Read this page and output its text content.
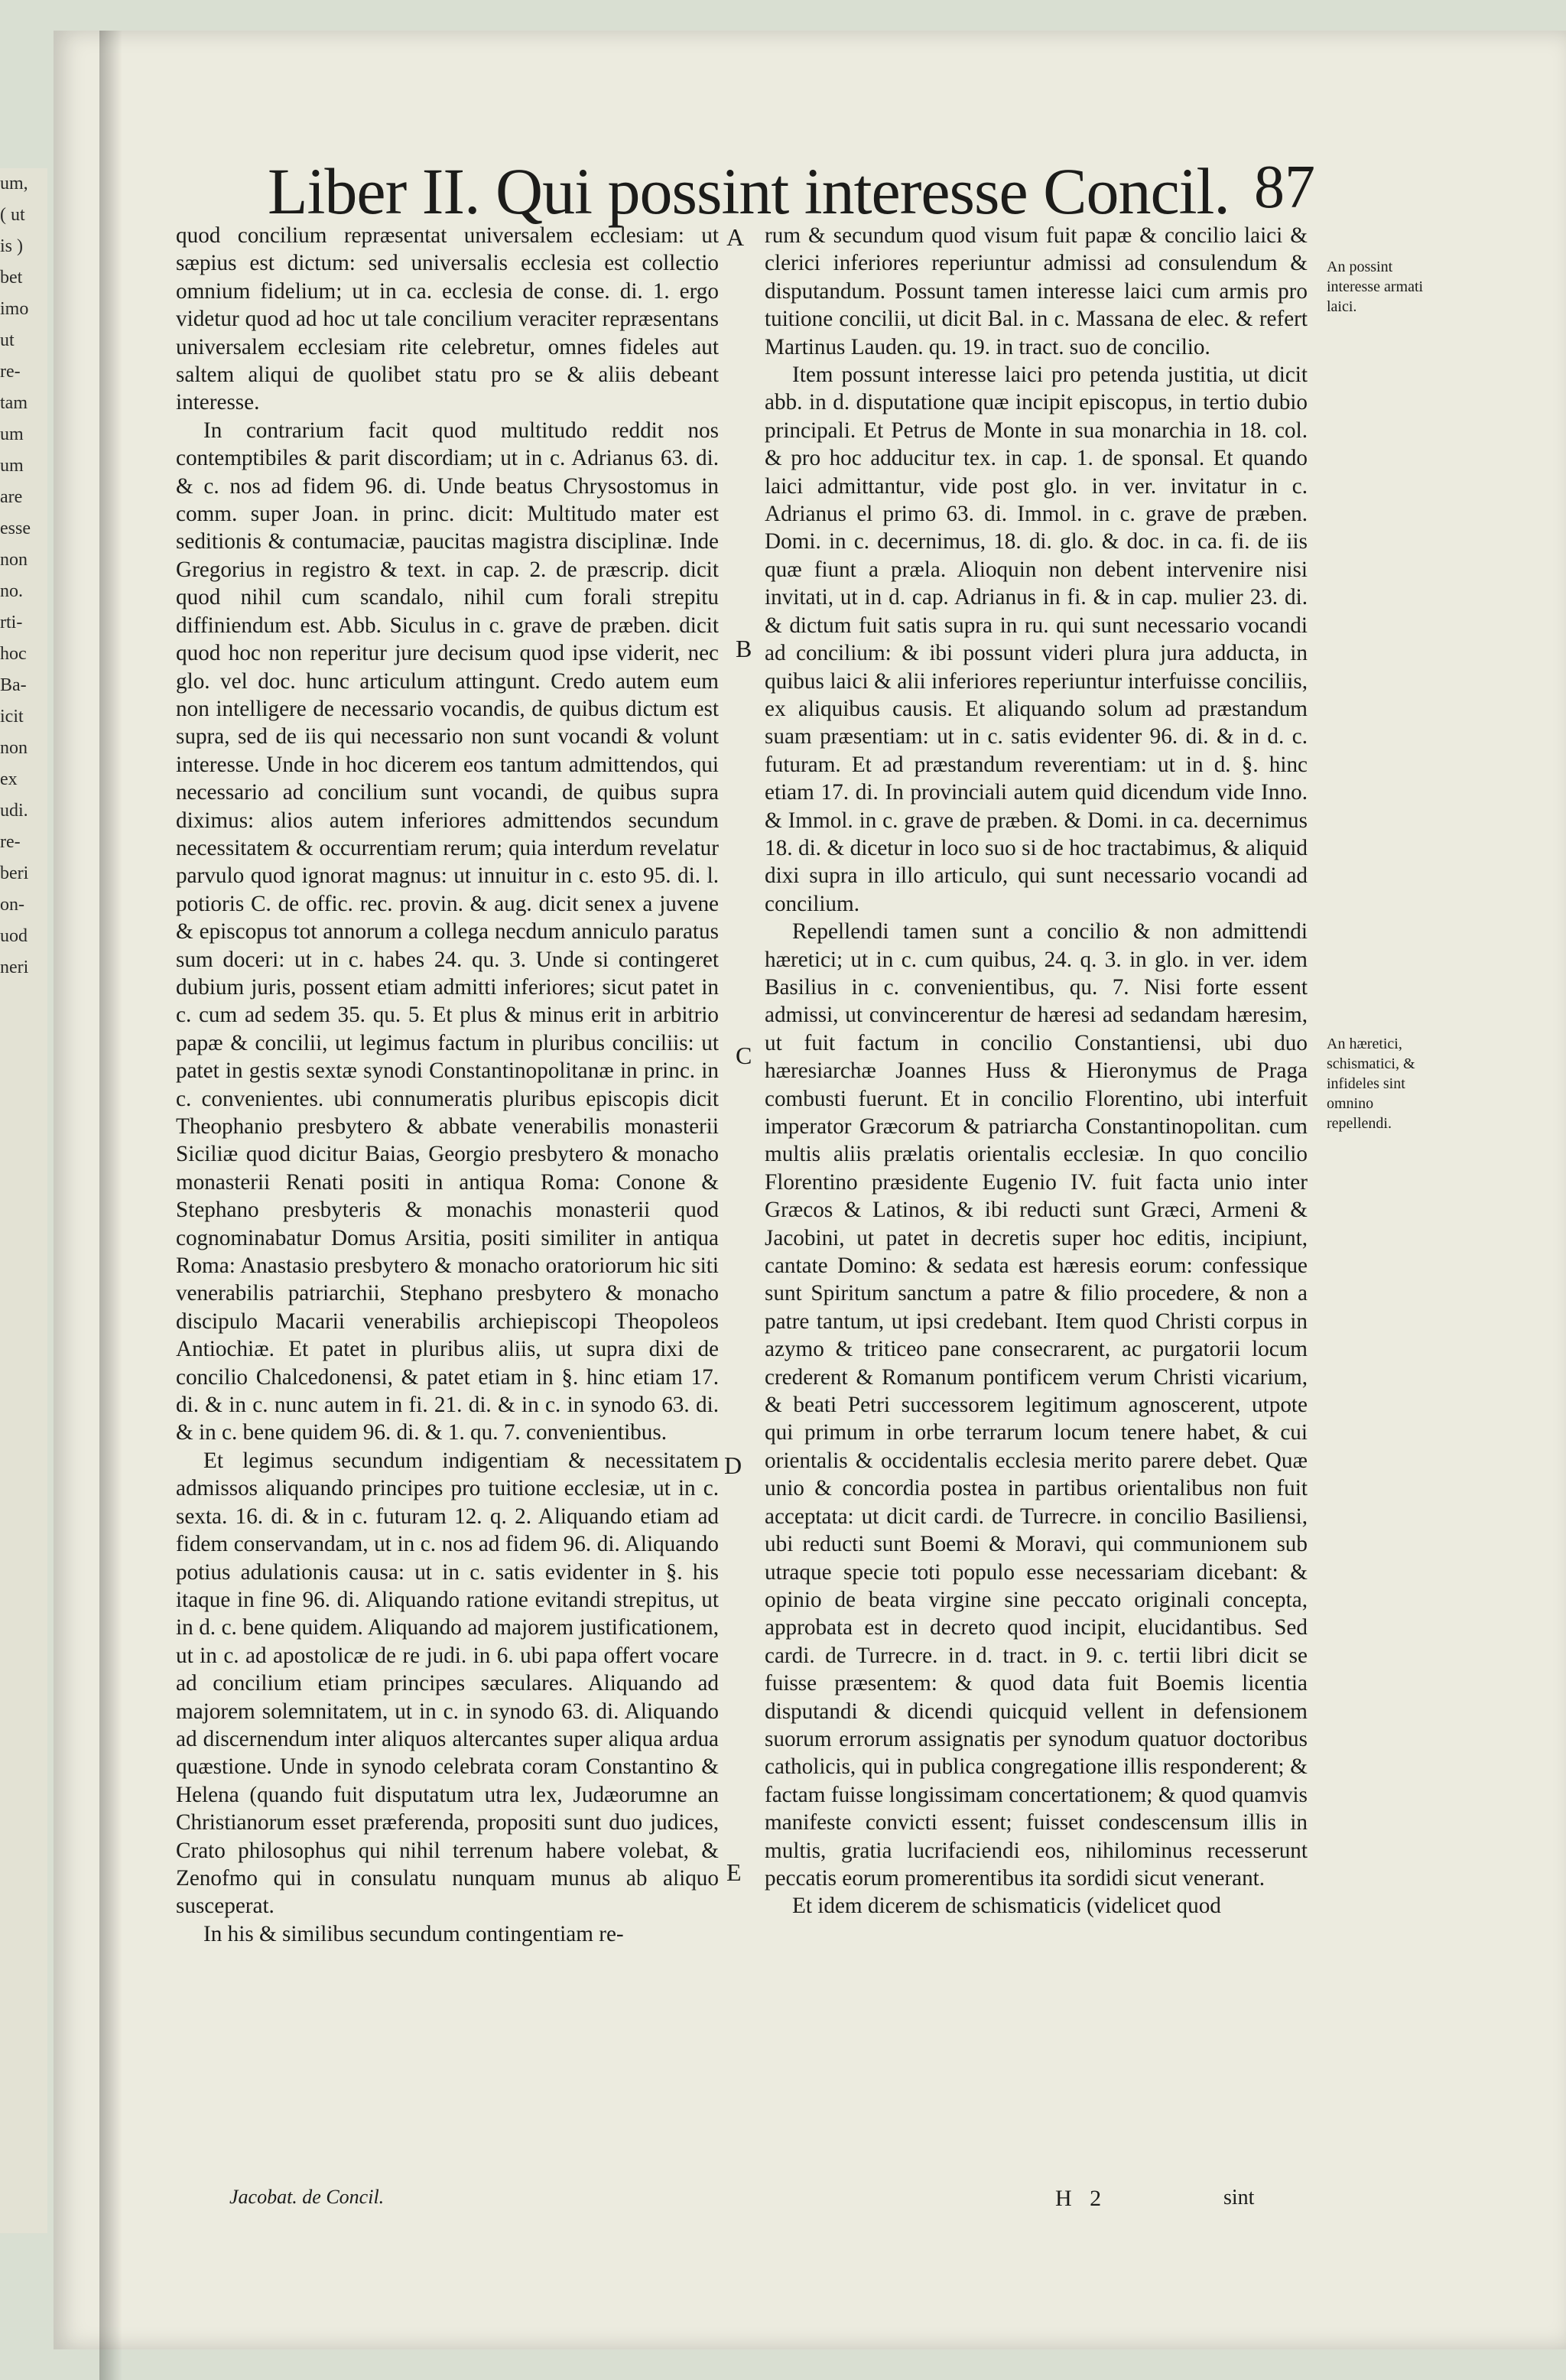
um,
( ut
is )
bet
imo
ut
re-
tam
um
um
are
esse
non
no.
rti-
hoc
Ba-
icit
non
ex
udi.
re-
beri
on-
uod
neri
Liber II. Qui possint interesse Concil. 87

quod concilium repræsentat universalem ecclesiam: ut sæpius est dictum: sed universalis ecclesia est collectio omnium fidelium; ut in ca. ecclesia de conse. di. 1. ergo videtur quod ad hoc ut tale concilium veraciter repræsentans universalem ecclesiam rite celebretur, omnes fideles aut saltem aliqui de quolibet statu pro se & aliis debeant interesse.

In contrarium facit quod multitudo reddit nos contemptibiles & parit discordiam; ut in c. Adrianus 63. di. & c. nos ad fidem 96. di. Unde beatus Chrysostomus in comm. super Joan. in princ. dicit: Multitudo mater est seditionis & contumaciæ, paucitas magistra disciplinæ. Inde Gregorius in registro & text. in cap. 2. de præscrip. dicit quod nihil cum scandalo, nihil cum forali strepitu diffiniendum est. Abb. Siculus in c. grave de præben. dicit quod hoc non reperitur jure decisum quod ipse viderit, nec glo. vel doc. hunc articulum attingunt. Credo autem eum non intelligere de necessario vocandis, de quibus dictum est supra, sed de iis qui necessario non sunt vocandi & volunt interesse. Unde in hoc dicerem eos tantum admittendos, qui necessario ad concilium sunt vocandi, de quibus supra diximus: alios autem inferiores admittendos secundum necessitatem & occurrentiam rerum; quia interdum revelatur parvulo quod ignorat magnus: ut innuitur in c. esto 95. di. l. potioris C. de offic. rec. provin. & aug. dicit senex a juvene & episcopus tot annorum a collega necdum anniculo paratus sum doceri: ut in c. habes 24. qu. 3. Unde si contingeret dubium juris, possent etiam admitti inferiores; sicut patet in c. cum ad sedem 35. qu. 5. Et plus & minus erit in arbitrio papæ & concilii, ut legimus factum in pluribus conciliis: ut patet in gestis sextæ synodi Constantinopolitanæ in princ. in c. convenientes. ubi connumeratis pluribus episcopis dicit Theophanio presbytero & abbate venerabilis monasterii Siciliæ quod dicitur Baias, Georgio presbytero & monacho monasterii Renati positi in antiqua Roma: Conone & Stephano presbyteris & monachis monasterii quod cognominabatur Domus Arsitia, positi similiter in antiqua Roma: Anastasio presbytero & monacho oratoriorum hic siti venerabilis patriarchii, Stephano presbytero & monacho discipulo Macarii venerabilis archiepiscopi Theopoleos Antiochiæ. Et patet in pluribus aliis, ut supra dixi de concilio Chalcedonensi, & patet etiam in §. hinc etiam 17. di. & in c. nunc autem in fi. 21. di. & in c. in synodo 63. di. & in c. bene quidem 96. di. & 1. qu. 7. convenientibus.

Et legimus secundum indigentiam & necessitatem admissos aliquando principes pro tuitione ecclesiæ, ut in c. sexta. 16. di. & in c. futuram 12. q. 2. Aliquando etiam ad fidem conservandam, ut in c. nos ad fidem 96. di. Aliquando potius adulationis causa: ut in c. satis evidenter in §. his itaque in fine 96. di. Aliquando ratione evitandi strepitus, ut in d. c. bene quidem. Aliquando ad majorem justificationem, ut in c. ad apostolicæ de re judi. in 6. ubi papa offert vocare ad concilium etiam principes sæculares. Aliquando ad majorem solemnitatem, ut in c. in synodo 63. di. Aliquando ad discernendum inter aliquos altercantes super aliqua ardua quæstione. Unde in synodo celebrata coram Constantino & Helena (quando fuit disputatum utra lex, Judæorumne an Christianorum esset præferenda, propositi sunt duo judices, Crato philosophus qui nihil terrenum habere volebat, & Zenofmo qui in consulatu nunquam munus ab aliquo susceperat.

In his & similibus secundum contingentiam re-

rum & secundum quod visum fuit papæ & concilio laici & clerici inferiores reperiuntur admissi ad consulendum & disputandum. Possunt tamen interesse laici cum armis pro tuitione concilii, ut dicit Bal. in c. Massana de elec. & refert Martinus Lauden. qu. 19. in tract. suo de concilio.

Item possunt interesse laici pro petenda justitia, ut dicit abb. in d. disputatione quæ incipit episcopus, in tertio dubio principali. Et Petrus de Monte in sua monarchia in 18. col. & pro hoc adducitur tex. in cap. 1. de sponsal. Et quando laici admittantur, vide post glo. in ver. invitatur in c. Adrianus el primo 63. di. Immol. in c. grave de præben. Domi. in c. decernimus, 18. di. glo. & doc. in ca. fi. de iis quæ fiunt a præla. Alioquin non debent intervenire nisi invitati, ut in d. cap. Adrianus in fi. & in cap. mulier 23. di. & dictum fuit satis supra in ru. qui sunt necessario vocandi ad concilium: & ibi possunt videri plura jura adducta, in quibus laici & alii inferiores reperiuntur interfuisse conciliis, ex aliquibus causis. Et aliquando solum ad præstandum suam præsentiam: ut in c. satis evidenter 96. di. & in d. c. futuram. Et ad præstandum reverentiam: ut in d. §. hinc etiam 17. di. In provinciali autem quid dicendum vide Inno. & Immol. in c. grave de præben. & Domi. in ca. decernimus 18. di. & dicetur in loco suo si de hoc tractabimus, & aliquid dixi supra in illo articulo, qui sunt necessario vocandi ad concilium.

Repellendi tamen sunt a concilio & non admittendi hæretici; ut in c. cum quibus, 24. q. 3. in glo. in ver. idem Basilius in c. convenientibus, qu. 7. Nisi forte essent admissi, ut convincerentur de hæresi ad sedandam hæresim, ut fuit factum in concilio Constantiensi, ubi duo hæresiarchæ Joannes Huss & Hieronymus de Praga combusti fuerunt. Et in concilio Florentino, ubi interfuit imperator Græcorum & patriarcha Constantinopolitan. cum multis aliis prælatis orientalis ecclesiæ. In quo concilio Florentino præsidente Eugenio IV. fuit facta unio inter Græcos & Latinos, & ibi reducti sunt Græci, Armeni & Jacobini, ut patet in decretis super hoc editis, incipiunt, cantate Domino: & sedata est hæresis eorum: confessique sunt Spiritum sanctum a patre & filio procedere, & non a patre tantum, ut ipsi credebant. Item quod Christi corpus in azymo & triticeo pane consecrarent, ac purgatorii locum crederent & Romanum pontificem verum Christi vicarium, & beati Petri successorem legitimum agnoscerent, utpote qui primum in orbe terrarum locum tenere habet, & cui orientalis & occidentalis ecclesia merito parere debet. Quæ unio & concordia postea in partibus orientalibus non fuit acceptata: ut dicit cardi. de Turrecre. in concilio Basiliensi, ubi reducti sunt Boemi & Moravi, qui communionem sub utraque specie toti populo esse necessariam dicebant: & opinio de beata virgine sine peccato originali concepta, approbata est in decreto quod incipit, elucidantibus. Sed cardi. de Turrecre. in d. tract. in 9. c. tertii libri dicit se fuisse præsentem: & quod data fuit Boemis licentia disputandi & dicendi quicquid vellent in defensionem suorum errorum assignatis per synodum quatuor doctoribus catholicis, qui in publica congregatione illis responderent; & factam fuisse longissimam concertationem; & quod quamvis manifeste convicti essent; fuisset condescensum illis in multis, gratia lucrifaciendi eos, nihilominus recesserunt peccatis eorum promerentibus ita sordidi sicut venerant.

Et idem dicerem de schismaticis (videlicet quod

A
B
C
D
E
An possint interesse armati laici.
An hæretici, schismatici, & infideles sint omnino repellendi.
Jacobat. de Concil.	H 2	sint
